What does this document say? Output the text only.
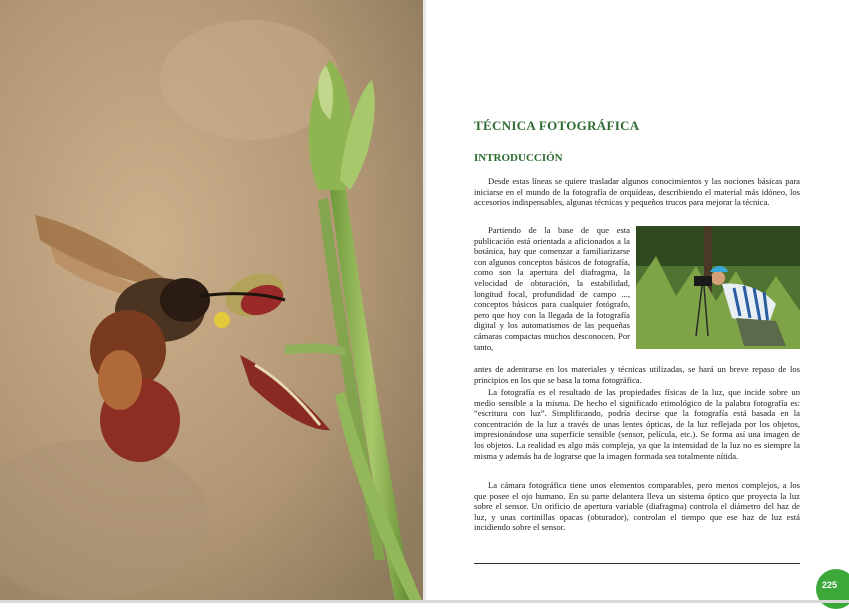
TÉCNICA FOTOGRÁFICA
INTRODUCCIÓN

Desde estas líneas se quiere trasladar algunos conocimientos y las nociones básicas para iniciarse en el mundo de la fotografía de orquídeas, describiendo el material más idóneo, los accesorios indispensables, algunas técnicas y pequeños trucos para mejorar la técnica.

Partiendo de la base de que esta publicación está orientada a aficionados a la botánica, hay que comenzar a familiarizarse con algunos conceptos básicos de fotografía, como son la apertura del diafragma, la velocidad de obturación, la estabilidad, longitud focal, profundidad de campo ..., conceptos básicos para cualquier fotógrafo, pero que hoy con la llegada de la fotografía digital y los automatismos de las pequeñas cámaras compactas muchos desconocen. Por tanto,

antes de adentrarse en los materiales y técnicas utilizadas, se hará un breve repaso de los principios en los que se basa la toma fotográfica.

La fotografía es el resultado de las propiedades físicas de la luz, que incide sobre un medio sensible a la misma. De hecho el significado etimológico de la palabra fotografía es: “escritura con luz”. Simplificando, podría decirse que la fotografía está basada en la concentración de la luz a través de unas lentes ópticas, de la luz reflejada por los objetos, impresionándose una superficie sensible (sensor, película, etc.). Se forma así una imagen de los objetos. La realidad es algo más compleja, ya que la intensidad de la luz no es siempre la misma y además ha de lograrse que la imagen formada sea totalmente nítida.

La cámara fotográfica tiene unos elementos comparables, pero menos complejos, a los que posee el ojo humano. En su parte delantera lleva un sistema óptico que proyecta la luz sobre el sensor. Un orificio de apertura variable (diafragma) controla el diámetro del haz de luz, y unas cortinillas opacas (obturador), controlan el tiempo que ese haz de luz está incidiendo sobre el sensor.

225
